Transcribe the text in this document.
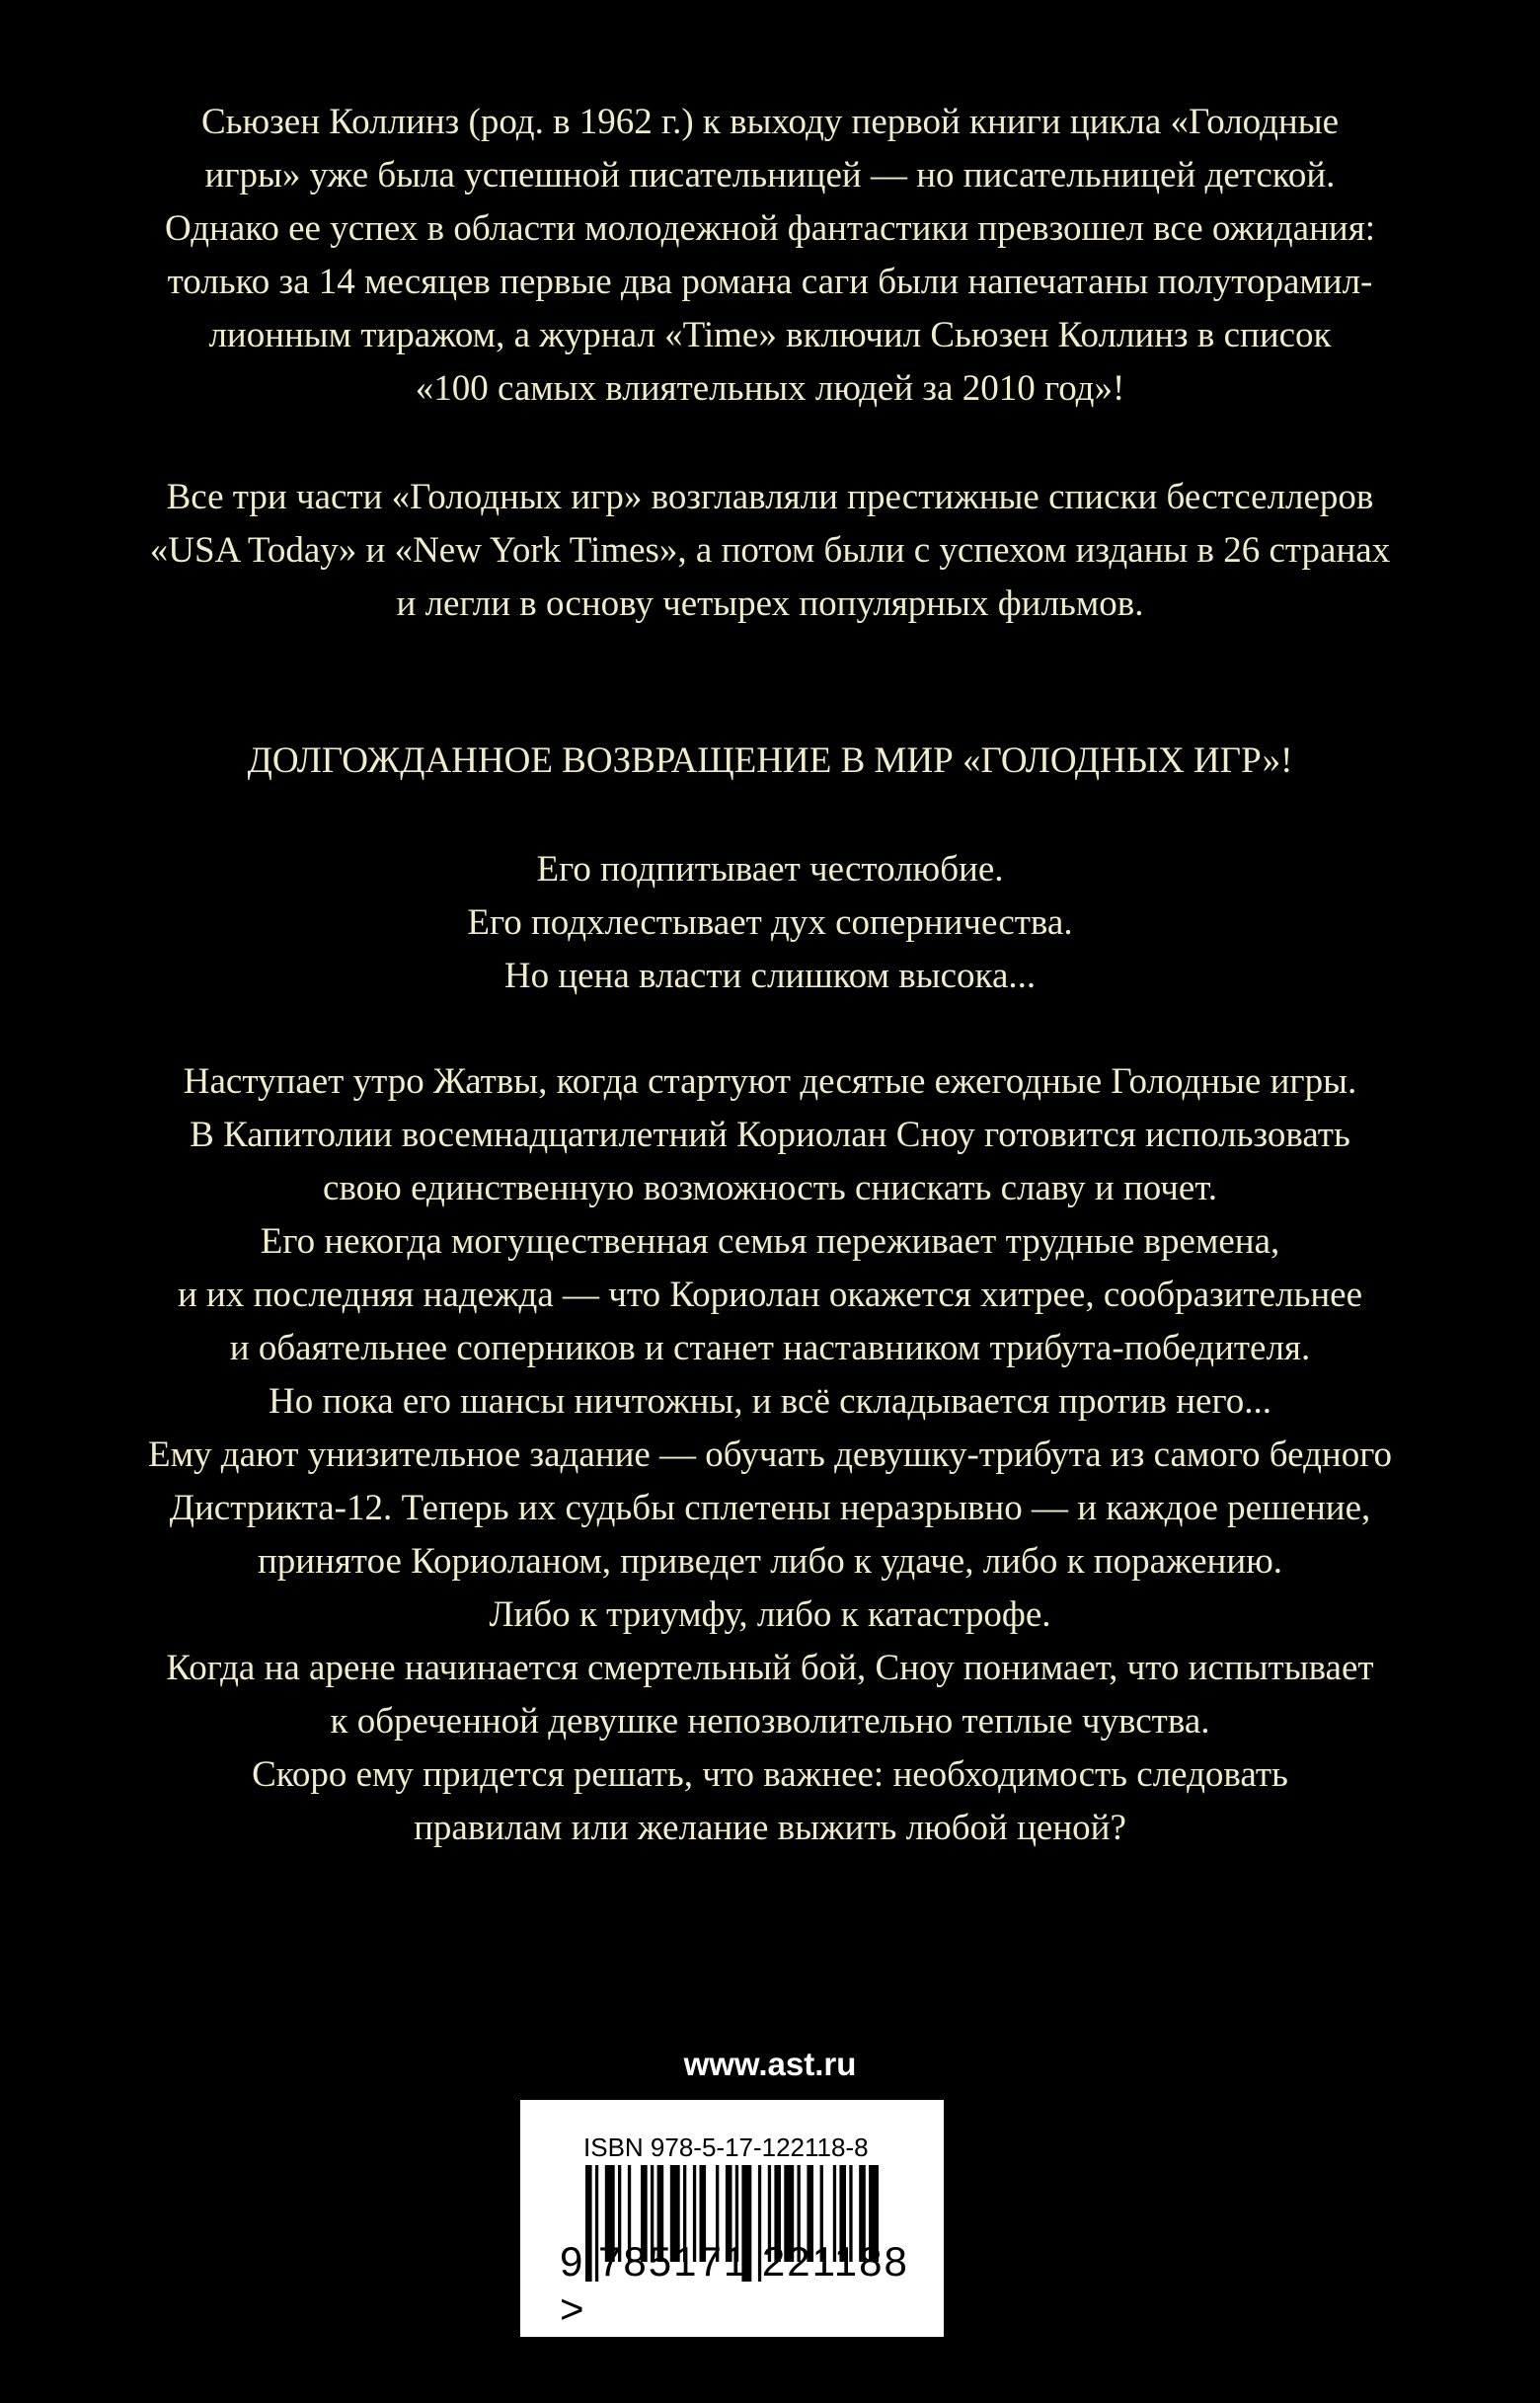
Сьюзен Коллинз (род. в 1962 г.) к выходу первой книги цикла «Голодные
игры» уже была успешной писательницей — но писательницей детской.
Однако ее успех в области молодежной фантастики превзошел все ожидания:
только за 14 месяцев первые два романа саги были напечатаны полуторамил-
лионным тиражом, а журнал «Time» включил Сьюзен Коллинз в список
«100 самых влиятельных людей за 2010 год»!
Все три части «Голодных игр» возглавляли престижные списки бестселлеров
«USA Today» и «New York Times», а потом были с успехом изданы в 26 странах
и легли в основу четырех популярных фильмов.
ДОЛГОЖДАННОЕ ВОЗВРАЩЕНИЕ В МИР «ГОЛОДНЫХ ИГР»!
Его подпитывает честолюбие.
Его подхлестывает дух соперничества.
Но цена власти слишком высока...
Наступает утро Жатвы, когда стартуют десятые ежегодные Голодные игры.
В Капитолии восемнадцатилетний Кориолан Сноу готовится использовать
свою единственную возможность снискать славу и почет.
Его некогда могущественная семья переживает трудные времена,
и их последняя надежда — что Кориолан окажется хитрее, сообразительнее
и обаятельнее соперников и станет наставником трибута-победителя.
Но пока его шансы ничтожны, и всё складывается против него...
Ему дают унизительное задание — обучать девушку-трибута из самого бедного
Дистрикта-12. Теперь их судьбы сплетены неразрывно — и каждое решение,
принятое Кориоланом, приведет либо к удаче, либо к поражению.
Либо к триумфу, либо к катастрофе.
Когда на арене начинается смертельный бой, Сноу понимает, что испытывает
к обреченной девушке непозволительно теплые чувства.
Скоро ему придется решать, что важнее: необходимость следовать
правилам или желание выжить любой ценой?
www.ast.ru
ISBN 978-5-17-122118-8
9 785171 221188 >
